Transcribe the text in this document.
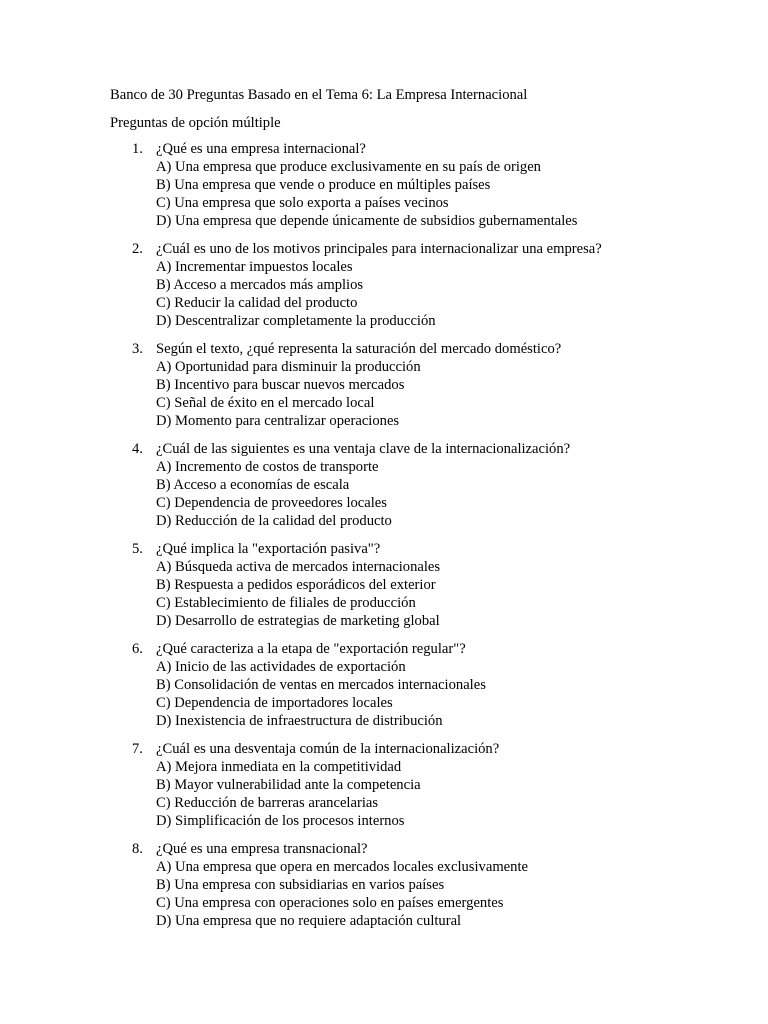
Banco de 30 Preguntas Basado en el Tema 6: La Empresa Internacional
Preguntas de opción múltiple
1. ¿Qué es una empresa internacional?
A) Una empresa que produce exclusivamente en su país de origen
B) Una empresa que vende o produce en múltiples países
C) Una empresa que solo exporta a países vecinos
D) Una empresa que depende únicamente de subsidios gubernamentales
2. ¿Cuál es uno de los motivos principales para internacionalizar una empresa?
A) Incrementar impuestos locales
B) Acceso a mercados más amplios
C) Reducir la calidad del producto
D) Descentralizar completamente la producción
3. Según el texto, ¿qué representa la saturación del mercado doméstico?
A) Oportunidad para disminuir la producción
B) Incentivo para buscar nuevos mercados
C) Señal de éxito en el mercado local
D) Momento para centralizar operaciones
4. ¿Cuál de las siguientes es una ventaja clave de la internacionalización?
A) Incremento de costos de transporte
B) Acceso a economías de escala
C) Dependencia de proveedores locales
D) Reducción de la calidad del producto
5. ¿Qué implica la "exportación pasiva"?
A) Búsqueda activa de mercados internacionales
B) Respuesta a pedidos esporádicos del exterior
C) Establecimiento de filiales de producción
D) Desarrollo de estrategias de marketing global
6. ¿Qué caracteriza a la etapa de "exportación regular"?
A) Inicio de las actividades de exportación
B) Consolidación de ventas en mercados internacionales
C) Dependencia de importadores locales
D) Inexistencia de infraestructura de distribución
7. ¿Cuál es una desventaja común de la internacionalización?
A) Mejora inmediata en la competitividad
B) Mayor vulnerabilidad ante la competencia
C) Reducción de barreras arancelarias
D) Simplificación de los procesos internos
8. ¿Qué es una empresa transnacional?
A) Una empresa que opera en mercados locales exclusivamente
B) Una empresa con subsidiarias en varios países
C) Una empresa con operaciones solo en países emergentes
D) Una empresa que no requiere adaptación cultural
